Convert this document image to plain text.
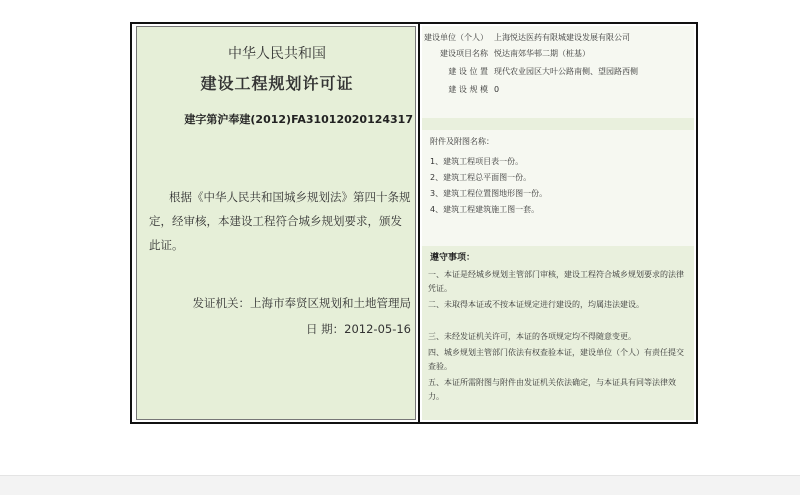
中华人民共和国
建设工程规划许可证
建字第沪奉建(2012)FA31012020124317
根据《中华人民共和国城乡规划法》第四十条规定，经审核，本建设工程符合城乡规划要求，颁发此证。
发证机关：上海市奉贤区规划和土地管理局
日 期：2012-05-16
建设单位（个人） 上海悦达医药有限城建设发展有限公司
建设项目名称 悦达南郊华邨二期（桩基）
建 设 位 置 现代农业园区大叶公路南侧、望园路西侧
建 设 规 模 0
附件及附图名称：
1、建筑工程项目表一份。
2、建筑工程总平面图一份。
3、建筑工程位置图地形图一份。
4、建筑工程建筑施工图一套。
遵守事项：
一、本证是经城乡规划主管部门审核，建设工程符合城乡规划要求的法律凭证。
二、未取得本证或不按本证规定进行建设的，均属违法建设。
三、未经发证机关许可，本证的各项规定均不得随意变更。
四、城乡规划主管部门依法有权查验本证，建设单位（个人）有责任提交查验。
五、本证所需附图与附件由发证机关依法确定，与本证具有同等法律效力。
